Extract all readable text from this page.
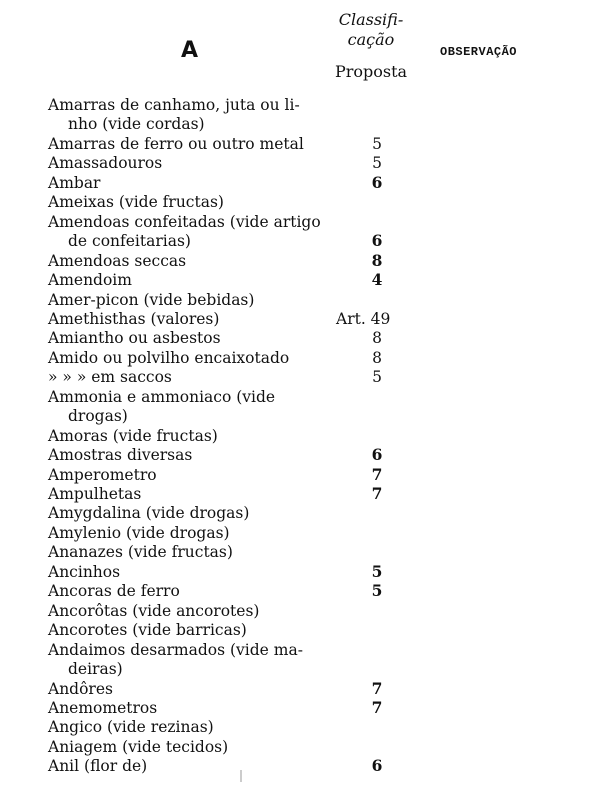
A
Classifi-
cação
Proposta
OBSERVAÇÃO
Amarras de canhamo, juta ou li-
nho (vide cordas)
Amarras de ferro ou outro metal	5
Amassadouros	5
Ambar	6
Ameixas (vide fructas)
Amendoas confeitadas (vide artigo
de confeitarias)	6
Amendoas seccas	8
Amendoim	4
Amer-picon (vide bebidas)
Amethisthas (valores)	Art. 49
Amiantho ou asbestos	8
Amido ou polvilho encaixotado	8
» » » em saccos	5
Ammonia e ammoniaco (vide
drogas)
Amoras (vide fructas)
Amostras diversas	6
Amperometro	7
Ampulhetas	7
Amygdalina (vide drogas)
Amylenio (vide drogas)
Ananazes (vide fructas)
Ancinhos	5
Ancoras de ferro	5
Ancorôtas (vide ancorotes)
Ancorotes (vide barricas)
Andaimos desarmados (vide ma-
deiras)
Andôres	7
Anemometros	7
Angico (vide rezinas)
Aniagem (vide tecidos)
Anil (flor de)	6
